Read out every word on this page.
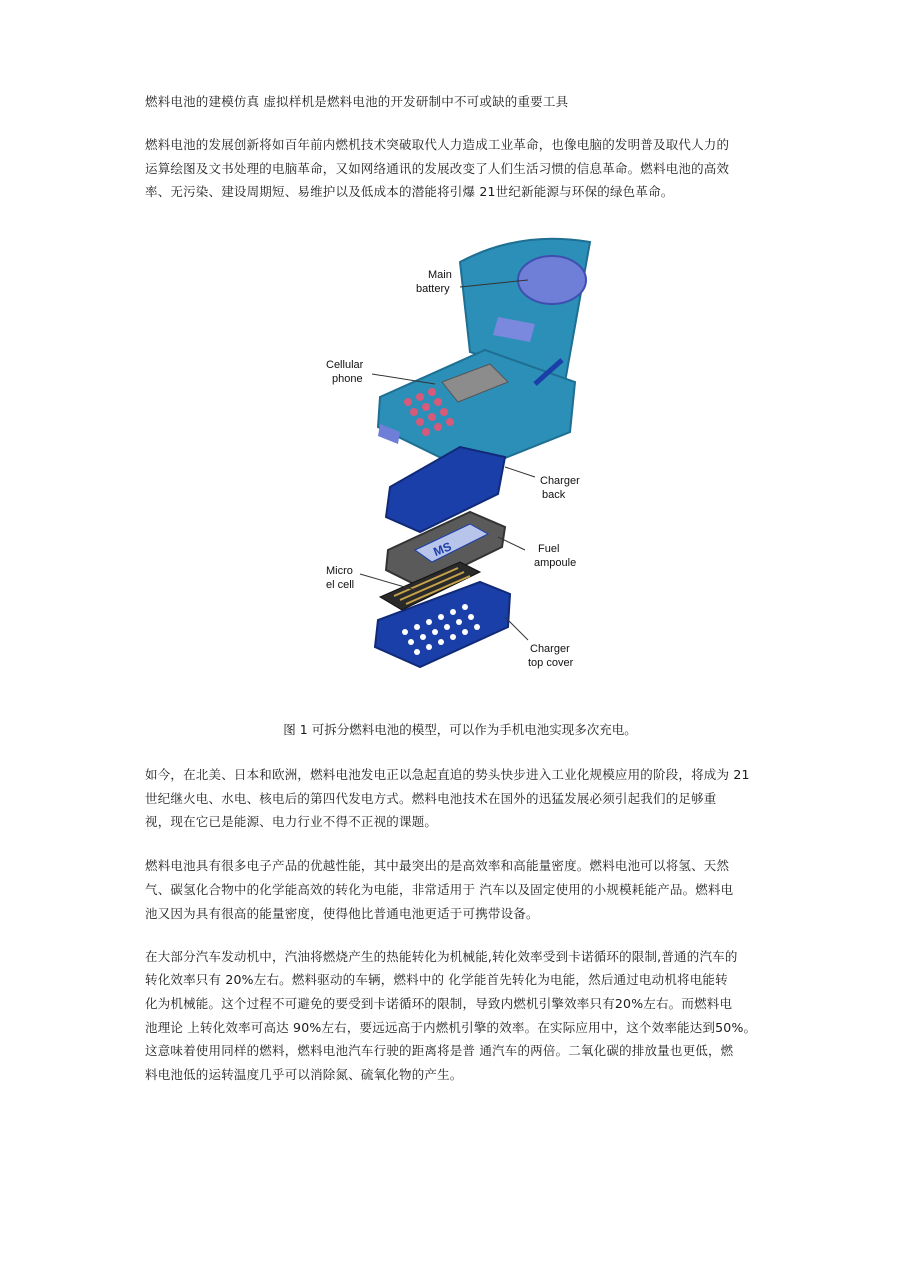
燃料电池的建模仿真 虚拟样机是燃料电池的开发研制中不可或缺的重要工具
燃料电池的发展创新将如百年前内燃机技术突破取代人力造成工业革命，也像电脑的发明普及取代人力的
运算绘图及文书处理的电脑革命，又如网络通讯的发展改变了人们生活习惯的信息革命。燃料电池的高效
率、无污染、建设周期短、易维护以及低成本的潜能将引爆 21世纪新能源与环保的绿色革命。
MS
Main
battery
Cellular
phone
Charger
back
Fuel
ampoule
Micro
el cell
Charger
top cover
图 1 可拆分燃料电池的模型，可以作为手机电池实现多次充电。
如今，在北美、日本和欧洲，燃料电池发电正以急起直追的势头快步进入工业化规模应用的阶段，将成为 21
世纪继火电、水电、核电后的第四代发电方式。燃料电池技术在国外的迅猛发展必须引起我们的足够重
视，现在它已是能源、电力行业不得不正视的课题。
燃料电池具有很多电子产品的优越性能，其中最突出的是高效率和高能量密度。燃料电池可以将氢、天然
气、碳氢化合物中的化学能高效的转化为电能，非常适用于 汽车以及固定使用的小规模耗能产品。燃料电
池又因为具有很高的能量密度，使得他比普通电池更适于可携带设备。
在大部分汽车发动机中，汽油将燃烧产生的热能转化为机械能,转化效率受到卡诺循环的限制,普通的汽车的
转化效率只有 20%左右。燃料驱动的车辆，燃料中的 化学能首先转化为电能，然后通过电动机将电能转
化为机械能。这个过程不可避免的要受到卡诺循环的限制，导致内燃机引擎效率只有20%左右。而燃料电
池理论 上转化效率可高达 90%左右，要远远高于内燃机引擎的效率。在实际应用中，这个效率能达到50%。
这意味着使用同样的燃料，燃料电池汽车行驶的距离将是普 通汽车的两倍。二氧化碳的排放量也更低，燃
料电池低的运转温度几乎可以消除氮、硫氧化物的产生。
